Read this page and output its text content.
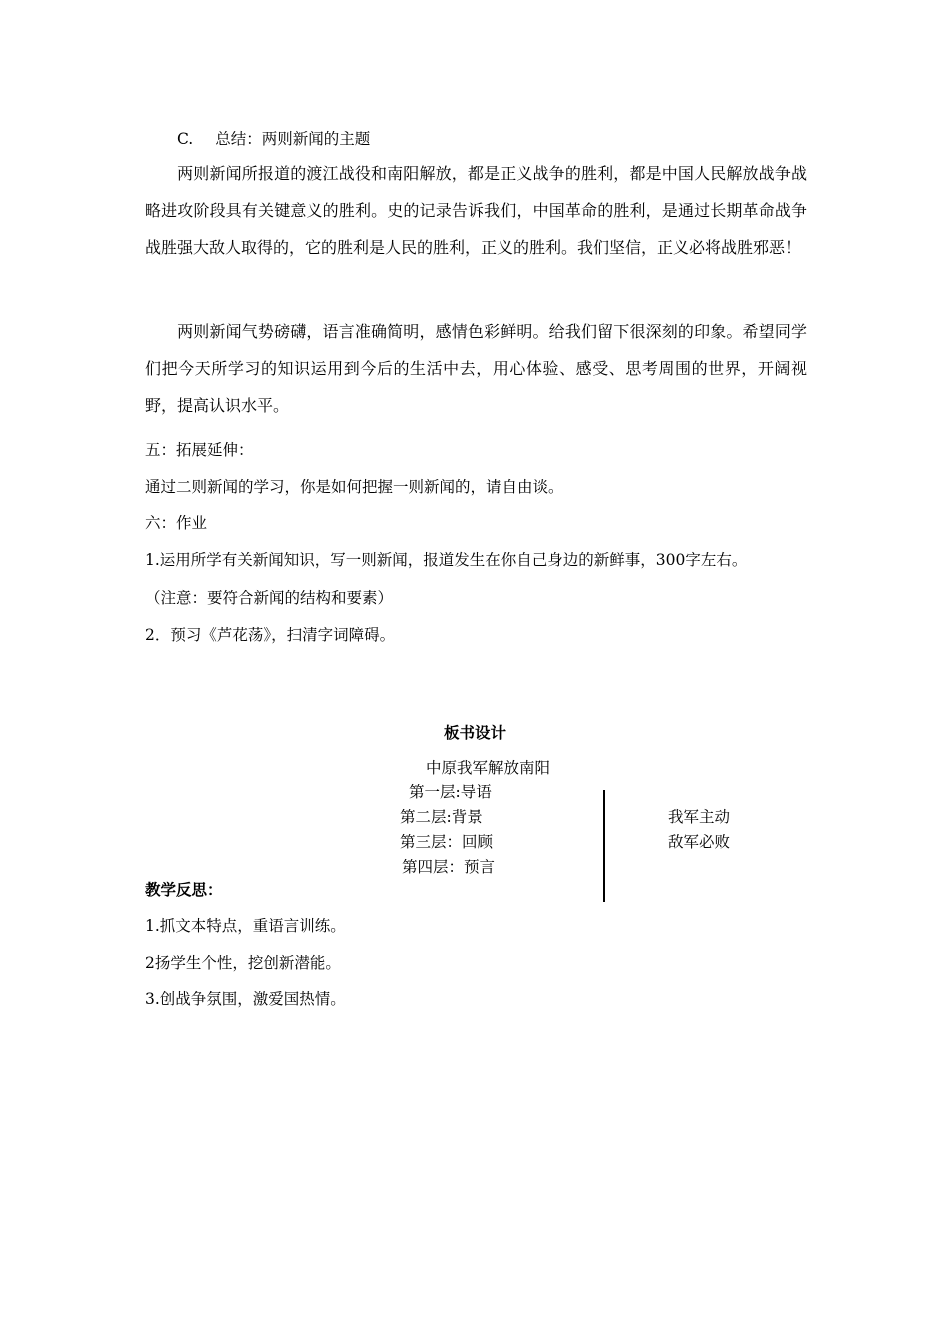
C. 总结：两则新闻的主题
两则新闻所报道的渡江战役和南阳解放，都是正义战争的胜利，都是中国人民解放战争战略进攻阶段具有关键意义的胜利。史的记录告诉我们，中国革命的胜利，是通过长期革命战争战胜强大敌人取得的，它的胜利是人民的胜利，正义的胜利。我们坚信，正义必将战胜邪恶！
两则新闻气势磅礴，语言准确简明，感情色彩鲜明。给我们留下很深刻的印象。希望同学们把今天所学习的知识运用到今后的生活中去，用心体验、感受、思考周围的世界，开阔视野，提高认识水平。
五：拓展延伸：
通过二则新闻的学习，你是如何把握一则新闻的，请自由谈。
六：作业
1.运用所学有关新闻知识，写一则新闻，报道发生在你自己身边的新鲜事，300字左右。
（注意：要符合新闻的结构和要素）
2．预习《芦花荡》，扫清字词障碍。
板书设计
中原我军解放南阳
第一层:导语
第二层:背景
第三层：回顾
第四层：预言
我军主动
敌军必败
教学反思：
1.抓文本特点，重语言训练。
2扬学生个性，挖创新潜能。
3.创战争氛围，激爱国热情。
